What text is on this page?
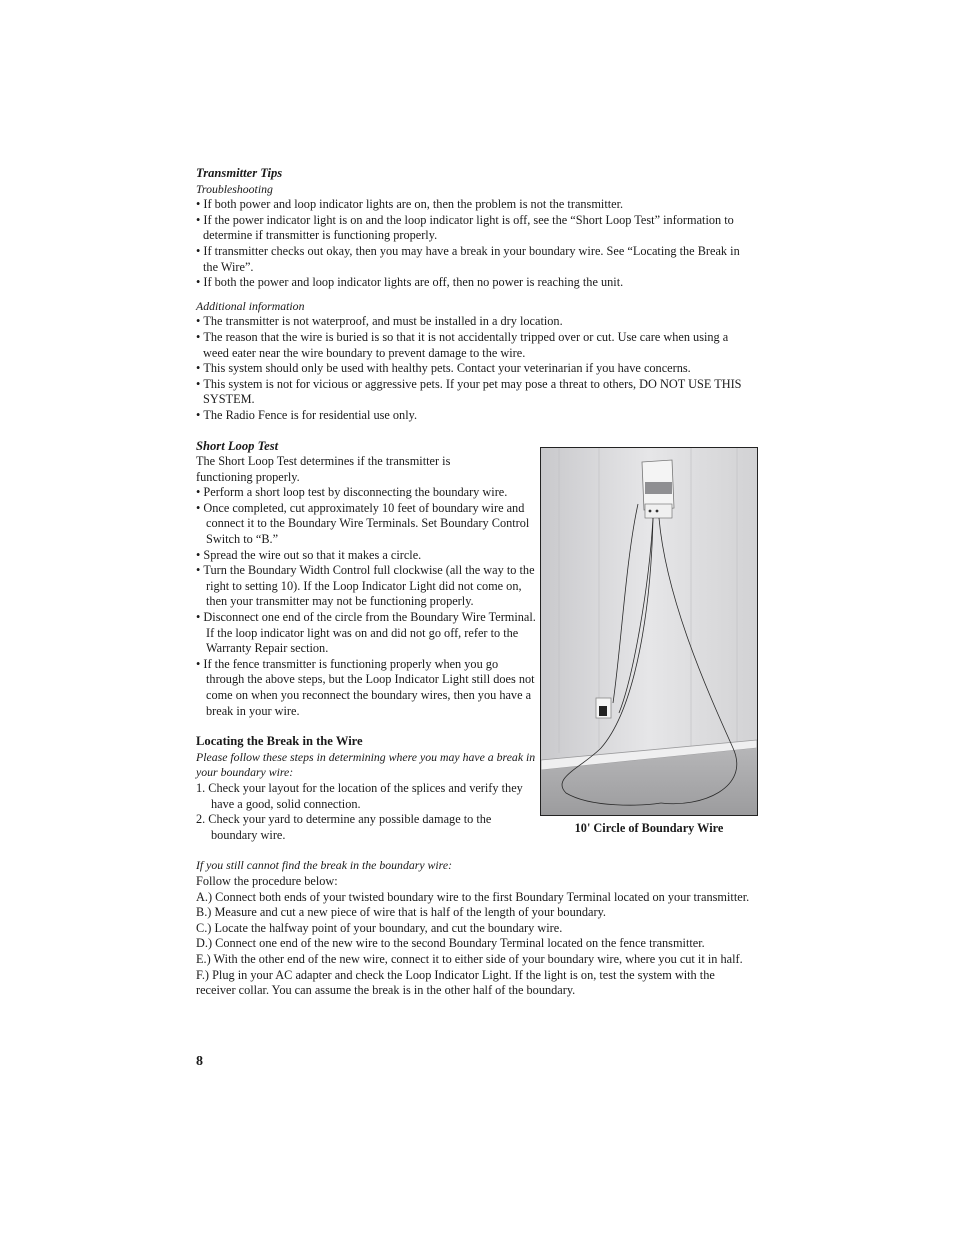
Transmitter Tips
Troubleshooting
• If both power and loop indicator lights are on, then the problem is not the transmitter.
• If the power indicator light is on and the loop indicator light is off, see the “Short Loop Test” information to determine if transmitter is functioning properly.
• If transmitter checks out okay, then you may have a break in your boundary wire. See “Locating the Break in the Wire”.
• If both the power and loop indicator lights are off, then no power is reaching the unit.
Additional information
• The transmitter is not waterproof, and must be installed in a dry location.
• The reason that the wire is buried is so that it is not accidentally tripped over or cut. Use care when using a weed eater near the wire boundary to prevent damage to the wire.
• This system should only be used with healthy pets. Contact your veterinarian if you have concerns.
• This system is not for vicious or aggressive pets. If your pet may pose a threat to others, DO NOT USE THIS SYSTEM.
• The Radio Fence is for residential use only.
Short Loop Test
The Short Loop Test determines if the transmitter is functioning properly.
• Perform a short loop test by disconnecting the boundary wire.
• Once completed, cut approximately 10 feet of boundary wire and connect it to the Boundary Wire Terminals. Set Boundary Control Switch to “B.”
• Spread the wire out so that it makes a circle.
• Turn the Boundary Width Control full clockwise (all the way to the right to setting 10). If the Loop Indicator Light did not come on, then your transmitter may not be functioning properly.
• Disconnect one end of the circle from the Boundary Wire Terminal. If the loop indicator light was on and did not go off, refer to the Warranty Repair section.
• If the fence transmitter is functioning properly when you go through the above steps, but the Loop Indicator Light still does not come on when you reconnect the boundary wires, then you have a break in your wire.
Locating the Break in the Wire
Please follow these steps in determining where you may have a break in your boundary wire:
1. Check your layout for the location of the splices and verify they have a good, solid connection.
2. Check your yard to determine any possible damage to the boundary wire.
If you still cannot find the break in the boundary wire:
Follow the procedure below:

A.) Connect both ends of your twisted boundary wire to the first Boundary Terminal located on your transmitter.

B.) Measure and cut a new piece of wire that is half of the length of your boundary.

C.) Locate the halfway point of your boundary, and cut the boundary wire.

D.) Connect one end of the new wire to the second Boundary Terminal located on the fence transmitter.

E.) With the other end of the new wire, connect it to either side of your boundary wire, where you cut it in half.

F.) Plug in your AC adapter and check the Loop Indicator Light. If the light is on, test the system with the receiver collar. You can assume the break is in the other half of the boundary.

10' Circle of Boundary Wire
8
